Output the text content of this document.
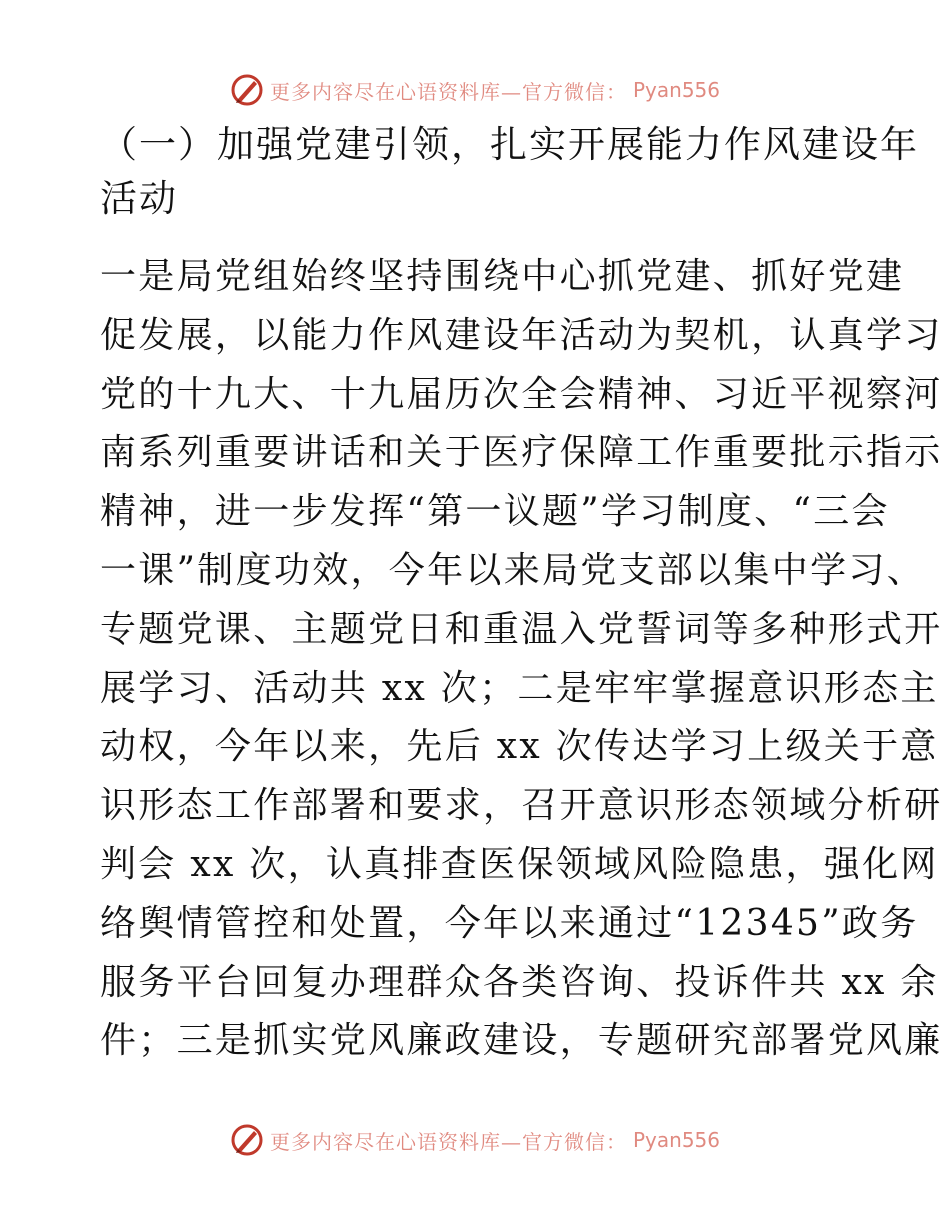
更多内容尽在心语资料库—官方微信： Pyan556
（一）加强党建引领，扎实开展能力作风建设年
活动
一是局党组始终坚持围绕中心抓党建、抓好党建
促发展，以能力作风建设年活动为契机，认真学习
党的十九大、十九届历次全会精神、习近平视察河
南系列重要讲话和关于医疗保障工作重要批示指示
精神，进一步发挥“第一议题”学习制度、“三会
一课”制度功效，今年以来局党支部以集中学习、
专题党课、主题党日和重温入党誓词等多种形式开
展学习、活动共 xx 次；二是牢牢掌握意识形态主
动权，今年以来，先后 xx 次传达学习上级关于意
识形态工作部署和要求，召开意识形态领域分析研
判会 xx 次，认真排查医保领域风险隐患，强化网
络舆情管控和处置，今年以来通过“12345”政务
服务平台回复办理群众各类咨询、投诉件共 xx 余
件；三是抓实党风廉政建设，专题研究部署党风廉
更多内容尽在心语资料库—官方微信： Pyan556
